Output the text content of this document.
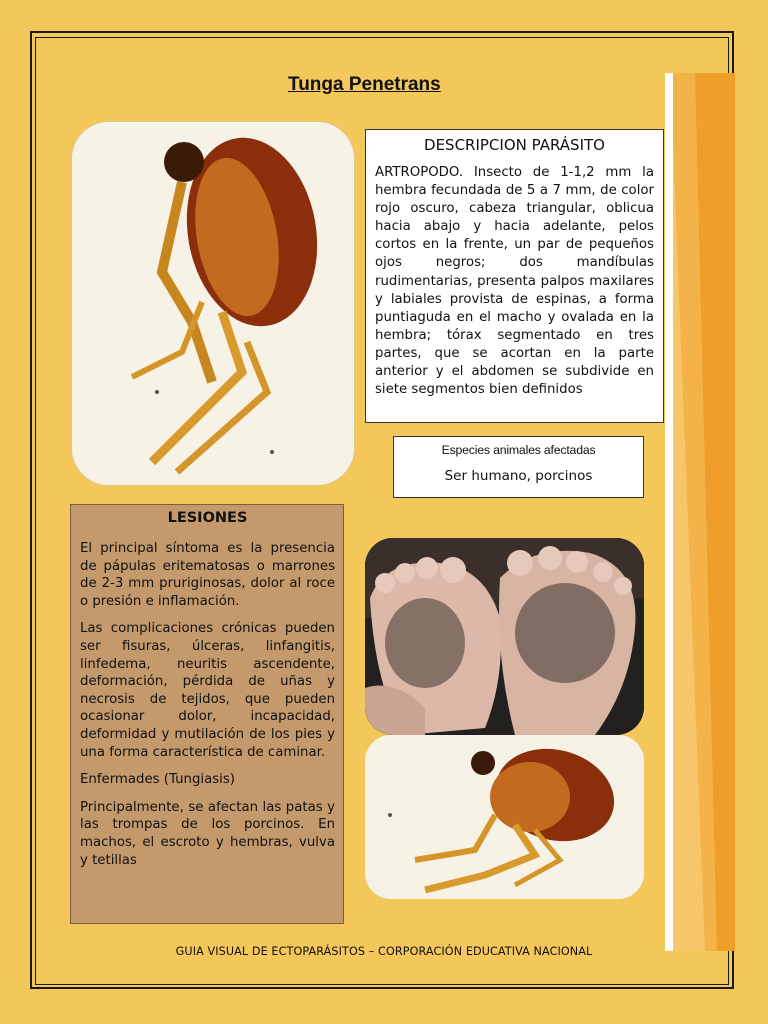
Tunga Penetrans
DESCRIPCION PARÁSITO

ARTROPODO. Insecto de 1-1,2 mm la hembra fecundada de 5 a 7 mm, de color rojo oscuro, cabeza triangular, oblicua hacia abajo y hacia adelante, pelos cortos en la frente, un par de pequeños ojos negros; dos mandíbulas rudimentarias, presenta palpos maxilares y labiales provista de espinas, a forma puntiaguda en el macho y ovalada en la hembra; tórax segmentado en tres partes, que se acortan en la parte anterior y el abdomen se subdivide en siete segmentos bien definidos

Especies animales afectadas

Ser humano, porcinos

LESIONES

El principal síntoma es la presencia de pápulas eritematosas o marrones de 2-3 mm pruriginosas, dolor al roce o presión e inflamación.

Las complicaciones crónicas pueden ser fisuras, úlceras, linfangitis, linfedema, neuritis ascendente, deformación, pérdida de uñas y necrosis de tejidos, que pueden ocasionar dolor, incapacidad, deformidad y mutilación de los pies y una forma característica de caminar.

Enfermades (Tungiasis)

Principalmente, se afectan las patas y las trompas de los porcinos. En machos, el escroto y hembras, vulva y tetillas

GUIA VISUAL DE ECTOPARÁSITOS – CORPORACIÓN EDUCATIVA NACIONAL
